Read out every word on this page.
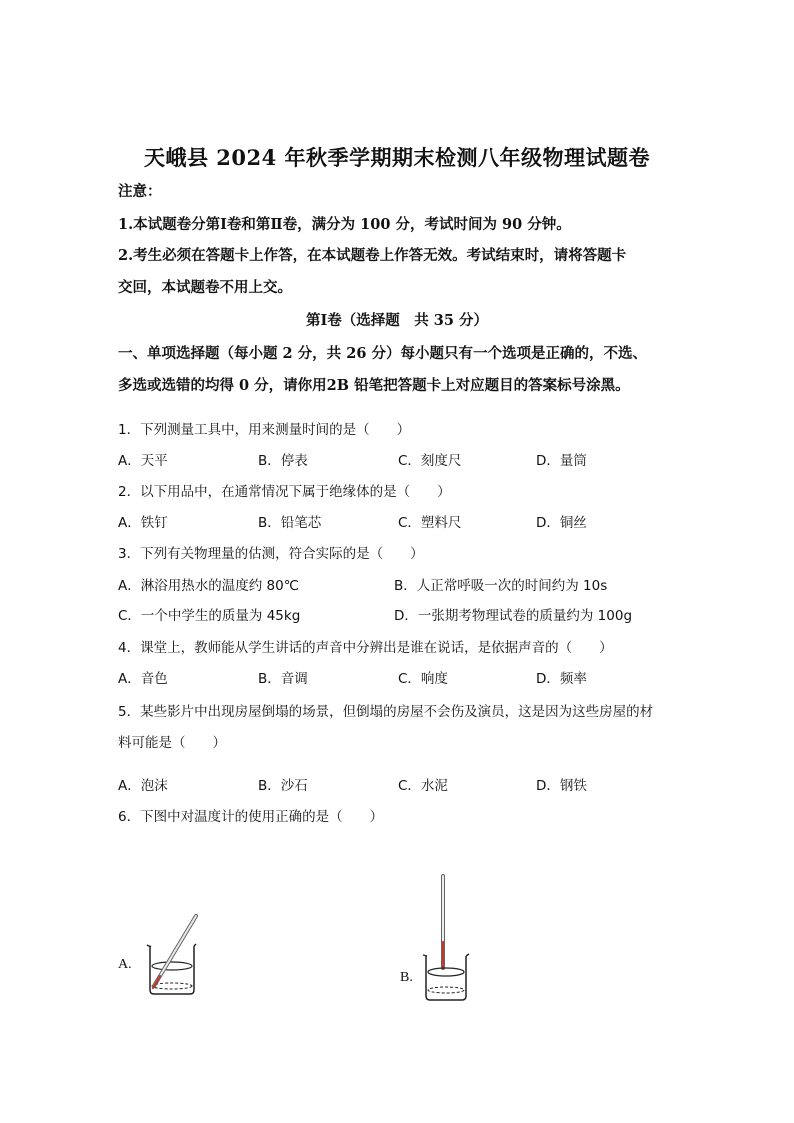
天峨县 2024 年秋季学期期末检测八年级物理试题卷
注意：
1.本试题卷分第Ⅰ卷和第Ⅱ卷，满分为 100 分，考试时间为 90 分钟。
2.考生必须在答题卡上作答，在本试题卷上作答无效。考试结束时，请将答题卡
交回，本试题卷不用上交。
第Ⅰ卷（选择题　共 35 分）
一、单项选择题（每小题 2 分，共 26 分）每小题只有一个选项是正确的，不选、
多选或选错的均得 0 分，请你用2B 铅笔把答题卡上对应题目的答案标号涂黑。
1．下列测量工具中，用来测量时间的是（　　）
A．天平	B．停表	C．刻度尺	D．量筒
2．以下用品中，在通常情况下属于绝缘体的是（　　）
A．铁钉	B．铅笔芯	C．塑料尺	D．铜丝
3．下列有关物理量的估测，符合实际的是（　　）
A．淋浴用热水的温度约 80℃	B．人正常呼吸一次的时间约为 10s
C．一个中学生的质量为 45kg	D．一张期考物理试卷的质量约为 100g
4．课堂上，教师能从学生讲话的声音中分辨出是谁在说话，是依据声音的（　　）
A．音色	B．音调	C．响度	D．频率
5．某些影片中出现房屋倒塌的场景，但倒塌的房屋不会伤及演员，这是因为这些房屋的材
料可能是（　　）
A．泡沫	B．沙石	C．水泥	D．钢铁
6．下图中对温度计的使用正确的是（　　）
A.
B.
